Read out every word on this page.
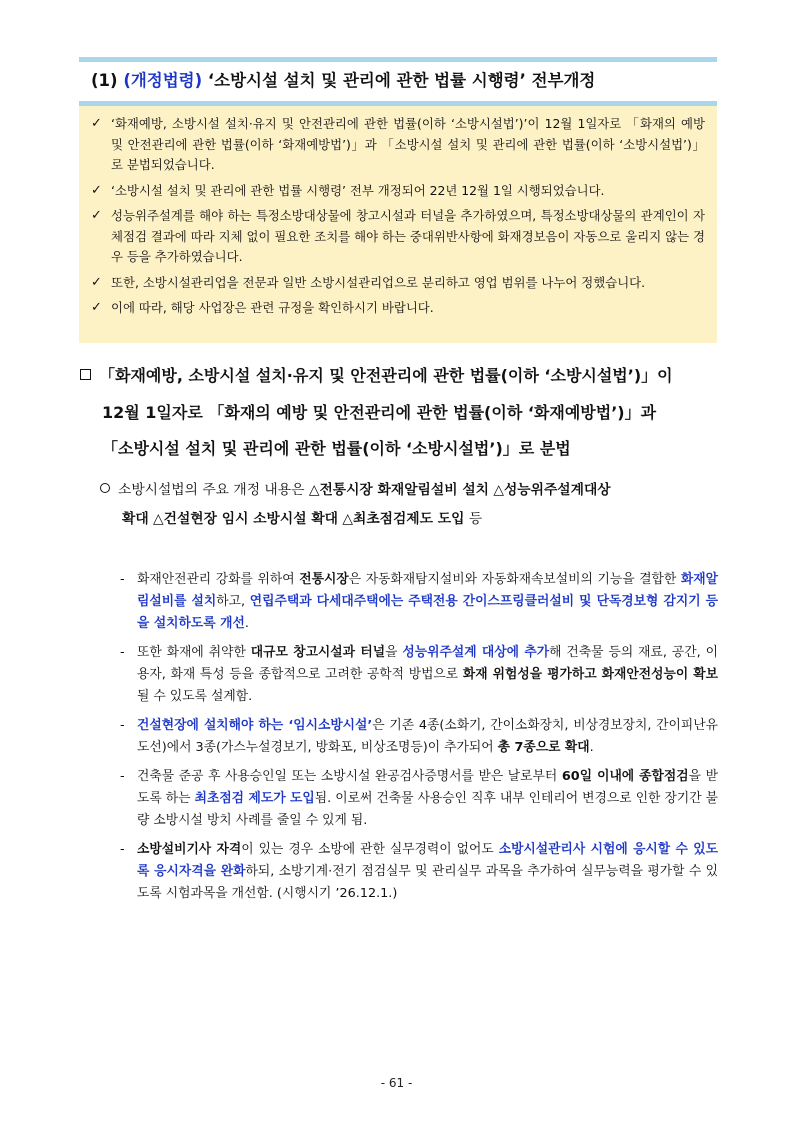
(1) (개정법령) ‘소방시설 설치 및 관리에 관한 법률 시행령’ 전부개정
✓ ‘화재예방, 소방시설 설치·유지 및 안전관리에 관한 법률(이하 ‘소방시설법’)’이 12월 1일자로 「화재의 예방 및 안전관리에 관한 법률(이하 ‘화재예방법’)」과 「소방시설 설치 및 관리에 관한 법률(이하 ‘소방시설법’)」로 분법되었습니다.
✓ ‘소방시설 설치 및 관리에 관한 법률 시행령’ 전부 개정되어 22년 12월 1일 시행되었습니다.
✓ 성능위주설계를 해야 하는 특정소방대상물에 창고시설과 터널을 추가하였으며, 특정소방대상물의 관계인이 자체점검 결과에 따라 지체 없이 필요한 조치를 해야 하는 중대위반사항에 화재경보음이 자동으로 울리지 않는 경우 등을 추가하였습니다.
✓ 또한, 소방시설관리업을 전문과 일반 소방시설관리업으로 분리하고 영업 범위를 나누어 정했습니다.
✓ 이에 따라, 해당 사업장은 관련 규정을 확인하시기 바랍니다.
「화재예방, 소방시설 설치·유지 및 안전관리에 관한 법률(이하 ‘소방시설법’)」이
12월 1일자로 「화재의 예방 및 안전관리에 관한 법률(이하 ‘화재예방법’)」과
「소방시설 설치 및 관리에 관한 법률(이하 ‘소방시설법’)」로 분법
소방시설법의 주요 개정 내용은 △전통시장 화재알림설비 설치 △성능위주설계대상
확대 △건설현장 임시 소방시설 확대 △최초점검제도 도입 등
- 화재안전관리 강화를 위하여 전통시장은 자동화재탐지설비와 자동화재속보설비의 기능을 결합한 화재알림설비를 설치하고, 연립주택과 다세대주택에는 주택전용 간이스프링클러설비 및 단독경보형 감지기 등을 설치하도록 개선.
- 또한 화재에 취약한 대규모 창고시설과 터널을 성능위주설계 대상에 추가해 건축물 등의 재료, 공간, 이용자, 화재 특성 등을 종합적으로 고려한 공학적 방법으로 화재 위험성을 평가하고 화재안전성능이 확보될 수 있도록 설계함.
- 건설현장에 설치해야 하는 ‘임시소방시설’은 기존 4종(소화기, 간이소화장치, 비상경보장치, 간이피난유도선)에서 3종(가스누설경보기, 방화포, 비상조명등)이 추가되어 총 7종으로 확대.
- 건축물 준공 후 사용승인일 또는 소방시설 완공검사증명서를 받은 날로부터 60일 이내에 종합점검을 받도록 하는 최초점검 제도가 도입됨. 이로써 건축물 사용승인 직후 내부 인테리어 변경으로 인한 장기간 불량 소방시설 방치 사례를 줄일 수 있게 됨.
- 소방설비기사 자격이 있는 경우 소방에 관한 실무경력이 없어도 소방시설관리사 시험에 응시할 수 있도록 응시자격을 완화하되, 소방기계·전기 점검실무 및 관리실무 과목을 추가하여 실무능력을 평가할 수 있도록 시험과목을 개선함. (시행시기 ’26.12.1.)
- 61 -
